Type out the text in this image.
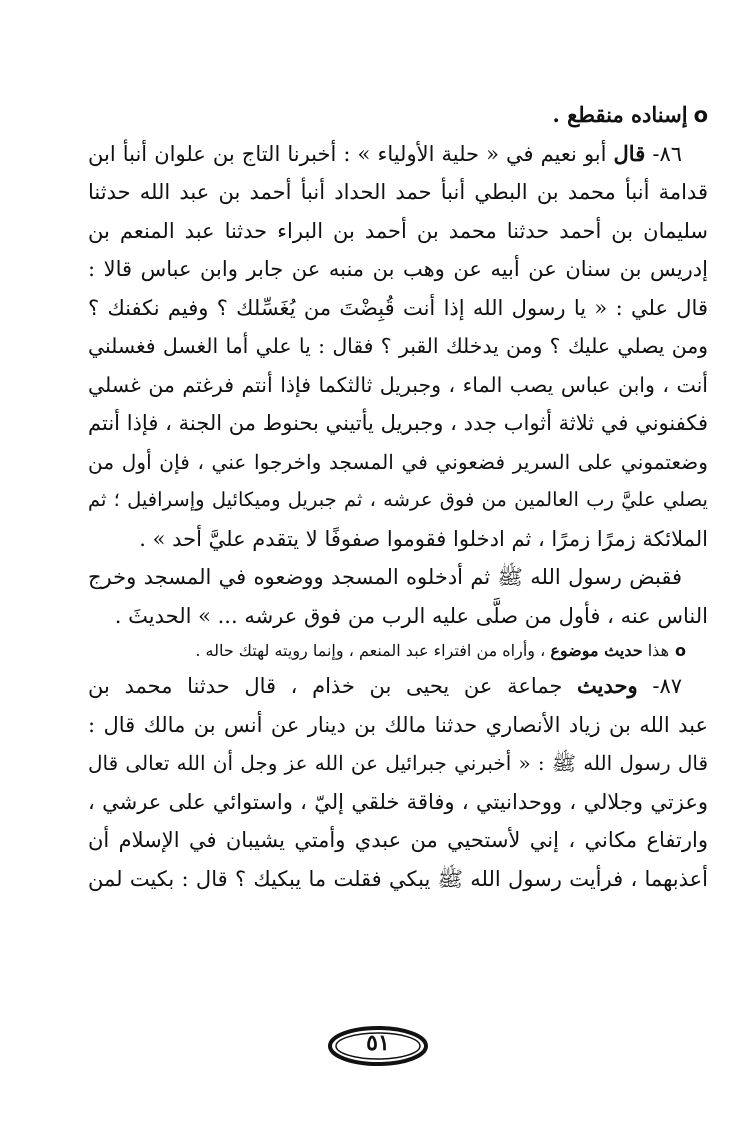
oإسناده منقطع .
٨٦- قال أبو نعيم في « حلية الأولياء » : أخبرنا التاج بن علوان أنبأ ابن
قدامة أنبأ محمد بن البطي أنبأ حمد الحداد أنبأ أحمد بن عبد الله حدثنا
سليمان بن أحمد حدثنا محمد بن أحمد بن البراء حدثنا عبد المنعم بن
إدريس بن سنان عن أبيه عن وهب بن منبه عن جابر وابن عباس قالا :
قال علي : « يا رسول الله إذا أنت قُبِضْتَ من يُغَسِّلك ؟ وفيم نكفنك ؟
ومن يصلي عليك ؟ ومن يدخلك القبر ؟ فقال : يا علي أما الغسل فغسلني
أنت ، وابن عباس يصب الماء ، وجبريل ثالثكما فإذا أنتم فرغتم من غسلي
فكفنوني في ثلاثة أثواب جدد ، وجبريل يأتيني بحنوط من الجنة ، فإذا أنتم
وضعتموني على السرير فضعوني في المسجد واخرجوا عني ، فإن أول من
يصلي عليَّ رب العالمين من فوق عرشه ، ثم جبريل وميكائيل وإسرافيل ؛ ثم
الملائكة زمرًا زمرًا ، ثم ادخلوا فقوموا صفوفًا لا يتقدم عليَّ أحد » .
فقبض رسول الله ﷺ ثم أدخلوه المسجد ووضعوه في المسجد وخرج
الناس عنه ، فأول من صلَّى عليه الرب من فوق عرشه ... » الحديثَ .
oهذا حديث موضوع ، وأراه من افتراء عبد المنعم ، وإنما رويته لهتك حاله .
٨٧- وحديث جماعة عن يحيى بن خذام ، قال حدثنا محمد بن
عبد الله بن زياد الأنصاري حدثنا مالك بن دينار عن أنس بن مالك قال :
قال رسول الله ﷺ : « أخبرني جبرائيل عن الله عز وجل أن الله تعالى قال
وعزتي وجلالي ، ووحدانيتي ، وفاقة خلقي إليّ ، واستوائي على عرشي ،
وارتفاع مكاني ، إني لأستحيي من عبدي وأمتي يشيبان في الإسلام أن
أعذبهما ، فرأيت رسول الله ﷺ يبكي فقلت ما يبكيك ؟ قال : بكيت لمن
٥١
